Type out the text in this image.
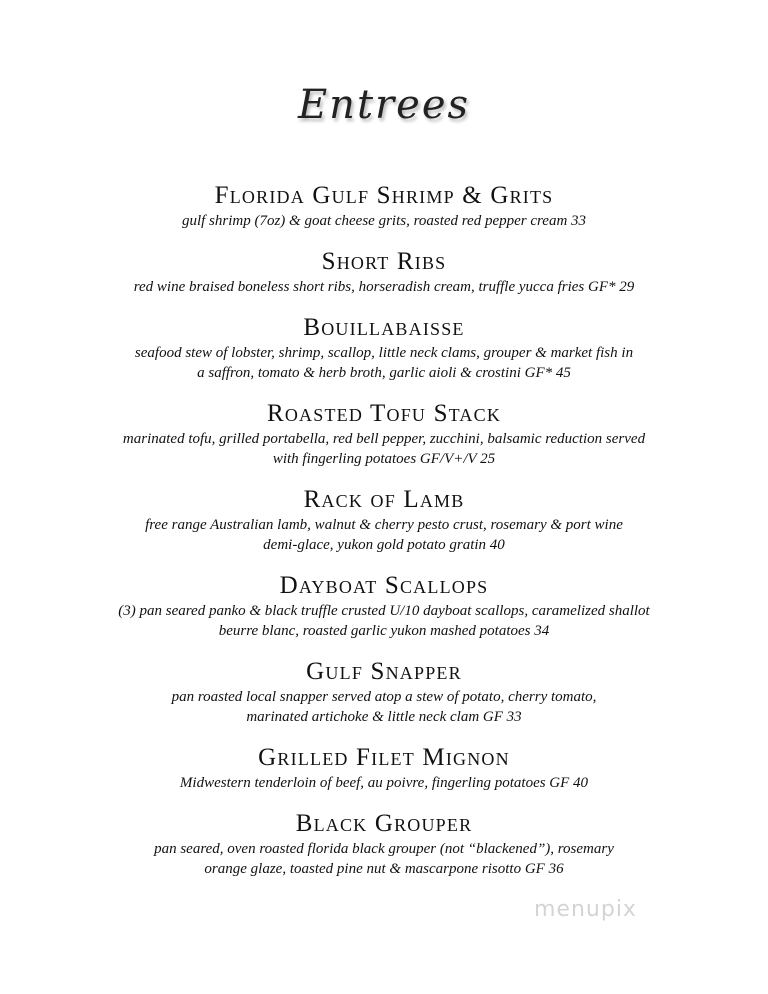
Entrees
Florida Gulf Shrimp & Grits
gulf shrimp (7oz) & goat cheese grits, roasted red pepper cream 33
Short Ribs
red wine braised boneless short ribs, horseradish cream, truffle yucca fries GF* 29
Bouillabaisse
seafood stew of lobster, shrimp, scallop, little neck clams, grouper & market fish in
a saffron, tomato & herb broth, garlic aioli & crostini GF* 45
Roasted Tofu Stack
marinated tofu, grilled portabella, red bell pepper, zucchini, balsamic reduction served
with fingerling potatoes GF/V+/V 25
Rack of Lamb
free range Australian lamb, walnut & cherry pesto crust, rosemary & port wine
demi-glace, yukon gold potato gratin 40
Dayboat Scallops
(3) pan seared panko & black truffle crusted U/10 dayboat scallops, caramelized shallot
beurre blanc, roasted garlic yukon mashed potatoes 34
Gulf Snapper
pan roasted local snapper served atop a stew of potato, cherry tomato,
marinated artichoke & little neck clam GF 33
Grilled Filet Mignon
Midwestern tenderloin of beef, au poivre, fingerling potatoes GF 40
Black Grouper
pan seared, oven roasted florida black grouper (not “blackened”), rosemary
orange glaze, toasted pine nut & mascarpone risotto GF 36
menupix
